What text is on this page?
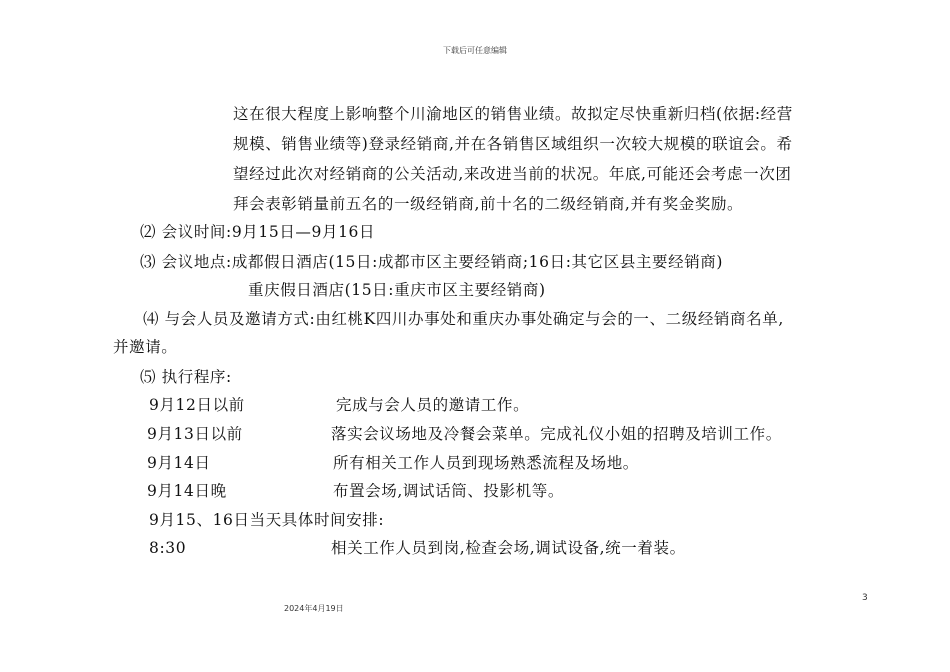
下载后可任意编辑
这在很大程度上影响整个川渝地区的销售业绩。故拟定尽快重新归档(依据:经营
规模、销售业绩等)登录经销商,并在各销售区域组织一次较大规模的联谊会。希
望经过此次对经销商的公关活动,来改进当前的状况。年底,可能还会考虑一次团
拜会表彰销量前五名的一级经销商,前十名的二级经销商,并有奖金奖励。
⑵ 会议时间:9月15日—9月16日
⑶ 会议地点:成都假日酒店(15日:成都市区主要经销商;16日:其它区县主要经销商)
重庆假日酒店(15日:重庆市区主要经销商)
⑷ 与会人员及邀请方式:由红桃K四川办事处和重庆办事处确定与会的一、二级经销商名单,
并邀请。
⑸ 执行程序:
9月12日以前	完成与会人员的邀请工作。
9月13日以前	落实会议场地及冷餐会菜单。完成礼仪小姐的招聘及培训工作。
9月14日	所有相关工作人员到现场熟悉流程及场地。
9月14日晚	布置会场,调试话筒、投影机等。
9月15、16日当天具体时间安排:
8:30	相关工作人员到岗,检查会场,调试设备,统一着装。
3
2024年4月19日
